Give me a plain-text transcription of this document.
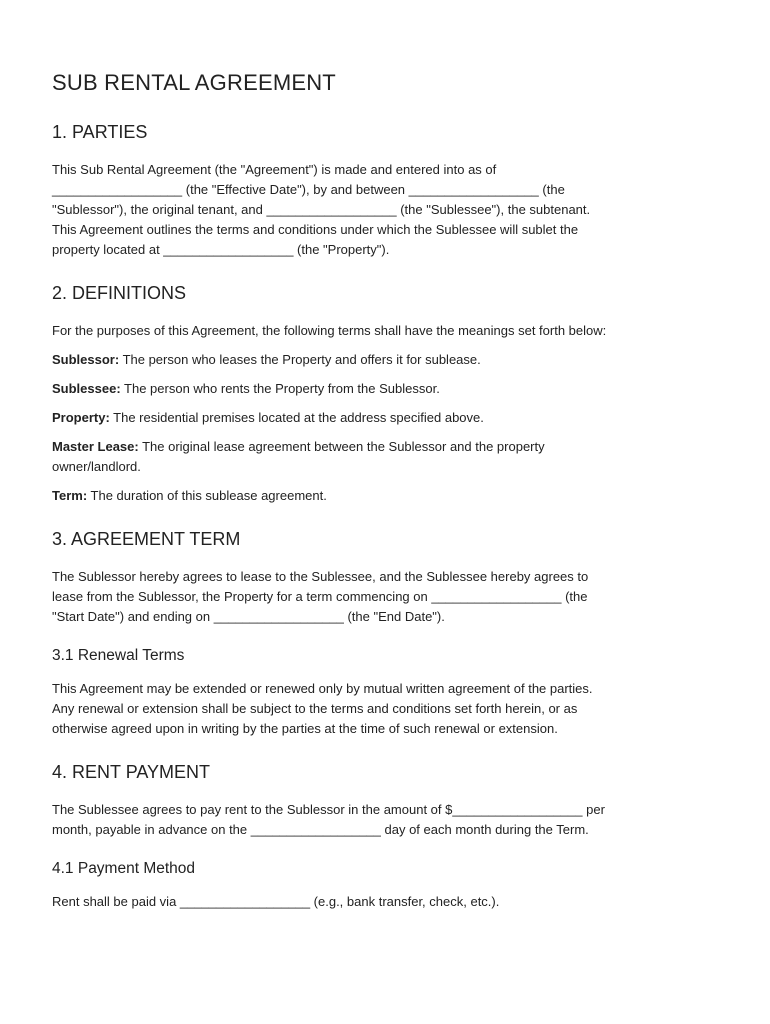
SUB RENTAL AGREEMENT
1. PARTIES

This Sub Rental Agreement (the "Agreement") is made and entered into as of
__________________ (the "Effective Date"), by and between __________________ (the
"Sublessor"), the original tenant, and __________________ (the "Sublessee"), the subtenant.
This Agreement outlines the terms and conditions under which the Sublessee will sublet the
property located at __________________ (the "Property").

2. DEFINITIONS

For the purposes of this Agreement, the following terms shall have the meanings set forth below:

Sublessor: The person who leases the Property and offers it for sublease.

Sublessee: The person who rents the Property from the Sublessor.

Property: The residential premises located at the address specified above.

Master Lease: The original lease agreement between the Sublessor and the property
owner/landlord.

Term: The duration of this sublease agreement.

3. AGREEMENT TERM

The Sublessor hereby agrees to lease to the Sublessee, and the Sublessee hereby agrees to
lease from the Sublessor, the Property for a term commencing on __________________ (the
"Start Date") and ending on __________________ (the "End Date").

3.1 Renewal Terms

This Agreement may be extended or renewed only by mutual written agreement of the parties.
Any renewal or extension shall be subject to the terms and conditions set forth herein, or as
otherwise agreed upon in writing by the parties at the time of such renewal or extension.

4. RENT PAYMENT

The Sublessee agrees to pay rent to the Sublessor in the amount of $__________________ per
month, payable in advance on the __________________ day of each month during the Term.

4.1 Payment Method

Rent shall be paid via __________________ (e.g., bank transfer, check, etc.).
